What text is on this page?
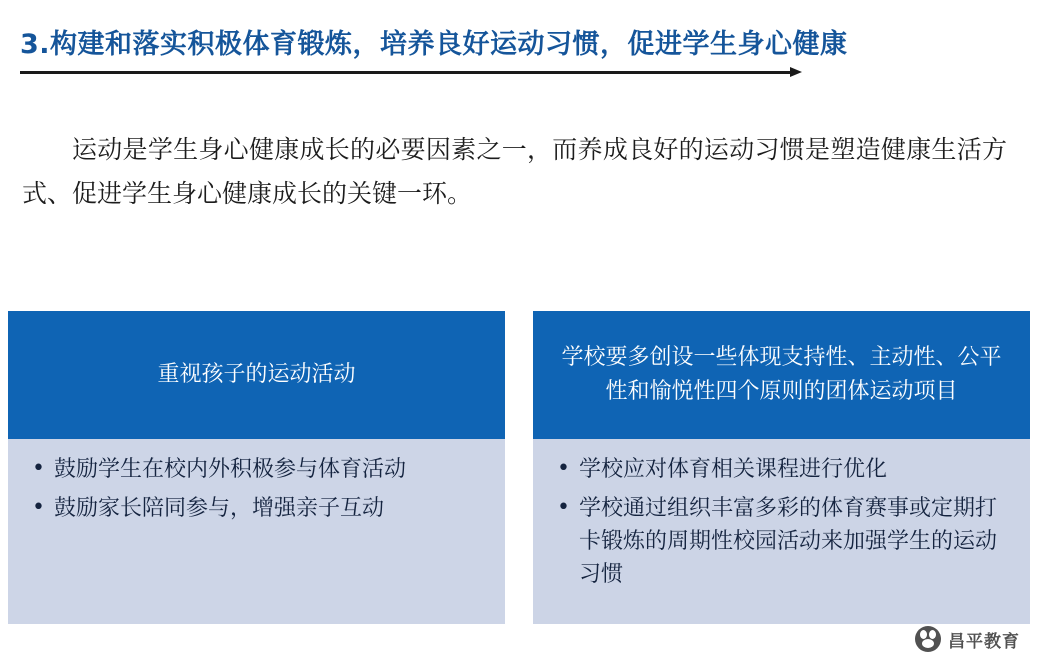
3.构建和落实积极体育锻炼，培养良好运动习惯，促进学生身心健康
运动是学生身心健康成长的必要因素之一，而养成良好的运动习惯是塑造健康生活方式、促进学生身心健康成长的关键一环。
重视孩子的运动活动
• 鼓励学生在校内外积极参与体育活动
• 鼓励家长陪同参与，增强亲子互动
学校要多创设一些体现支持性、主动性、公平性和愉悦性四个原则的团体运动项目
• 学校应对体育相关课程进行优化
• 学校通过组织丰富多彩的体育赛事或定期打卡锻炼的周期性校园活动来加强学生的运动习惯
昌平教育
